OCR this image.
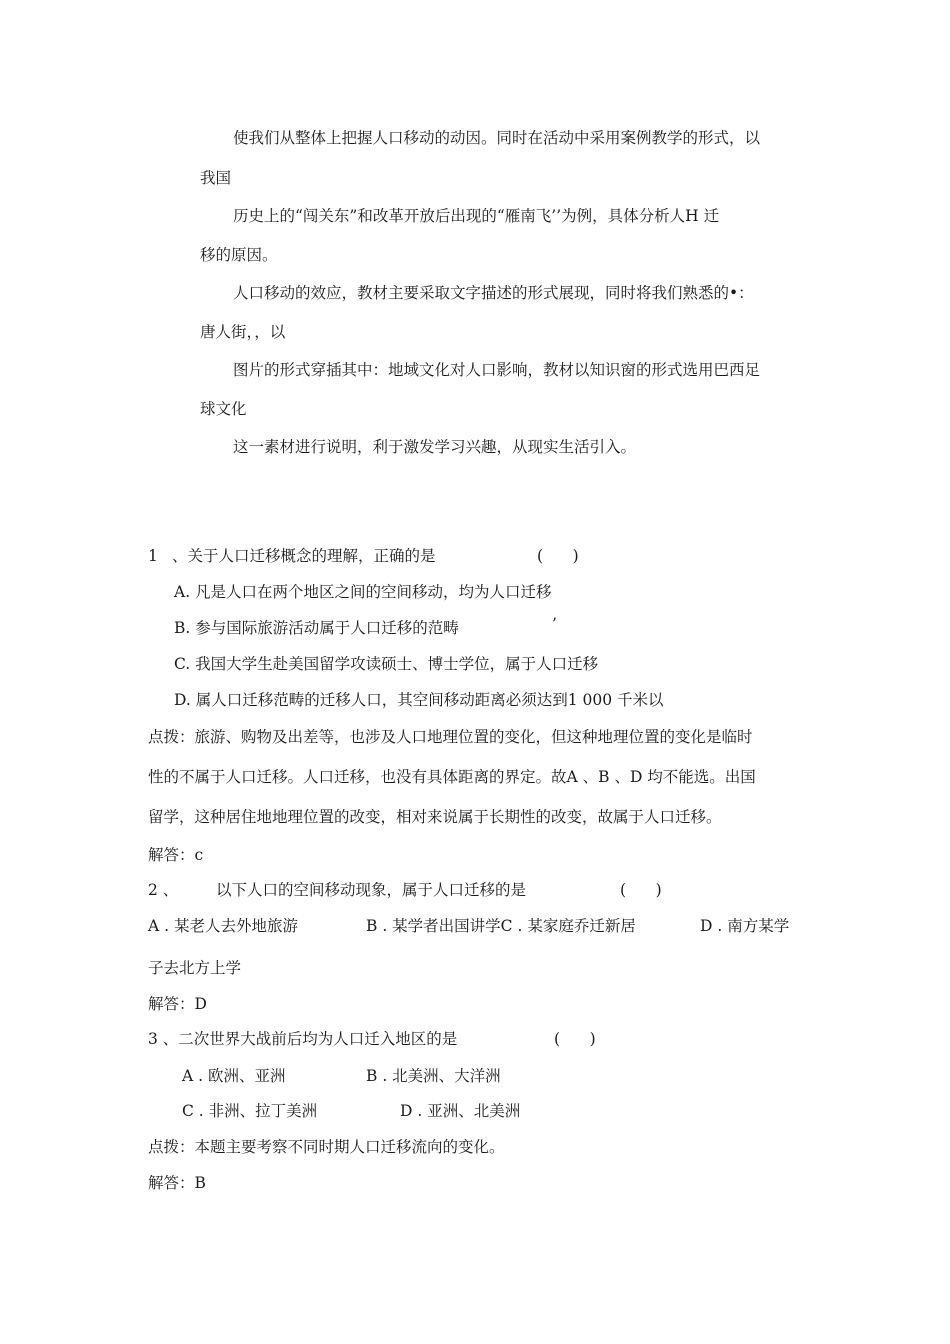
使我们从整体上把握人口移动的动因。同时在活动中采用案例教学的形式，以
我国
历史上的“闯关东”和改革开放后出现的“雁南飞’’为例，具体分析人H 迁
移的原因。
人口移动的效应，教材主要采取文字描述的形式展现，同时将我们熟悉的•：
唐人街，，以
图片的形式穿插其中：地域文化对人口影响，教材以知识窗的形式选用巴西足
球文化
这一素材进行说明，利于激发学习兴趣，从现实生活引入。
1 、关于人口迁移概念的理解，正确的是	(      )
A. 凡是人口在两个地区之间的空间移动，均为人口迁移
B. 参与国际旅游活动属于人口迁移的范畴	’
C. 我国大学生赴美国留学攻读硕士、博士学位，属于人口迁移
D. 属人口迁移范畴的迁移人口，其空间移动距离必须达到1 000 千米以
点拨：旅游、购物及出差等，也涉及人口地理位置的变化，但这种地理位置的变化是临时
性的不属于人口迁移。人口迁移，也没有具体距离的界定。故A 、B 、D 均不能选。出国
留学，这种居住地地理位置的改变，相对来说属于长期性的改变，故属于人口迁移。
解答：c
2 、 以下人口的空间移动现象，属于人口迁移的是	(      )
A . 某老人去外地旅游	B . 某学者出国讲学C . 某家庭乔迁新居	D . 南方某学
子去北方上学
解答：D
3 、二次世界大战前后均为人口迁入地区的是	(      )
A . 欧洲、亚洲	B . 北美洲、大洋洲
C . 非洲、拉丁美洲	D . 亚洲、北美洲
点拨：本题主要考察不同时期人口迁移流向的变化。
解答：B
